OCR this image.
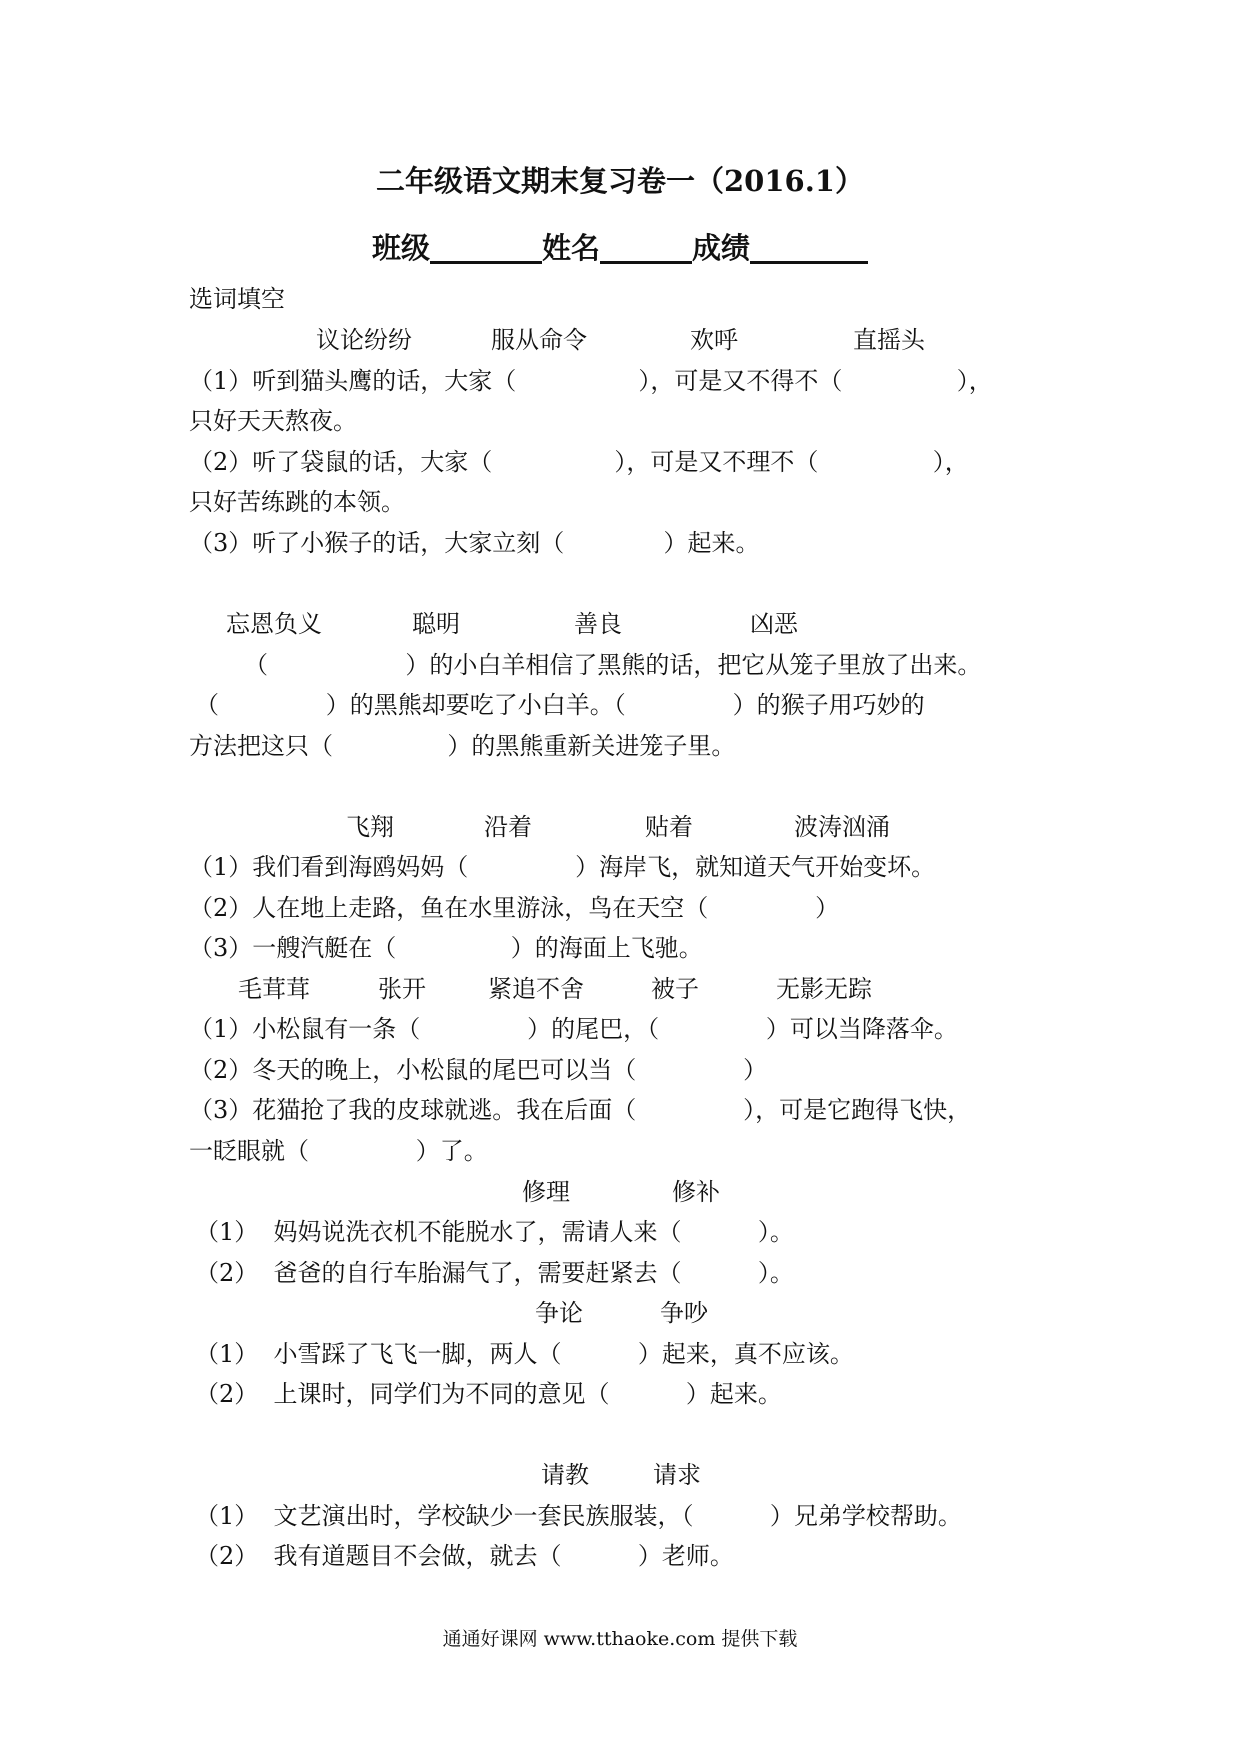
二年级语文期末复习卷一（2016.1）
班级	姓名	成绩
选词填空
议论纷纷	服从命令	欢呼	直摇头
（1）听到猫头鹰的话，大家（                ），可是又不得不（               ），
只好天天熬夜。
（2）听了袋鼠的话，大家（                ），可是又不理不（               ），
只好苦练跳的本领。
（3）听了小猴子的话，大家立刻（             ）起来。
忘恩负义	聪明	善良	凶恶
（                  ）的小白羊相信了黑熊的话，把它从笼子里放了出来。
（              ）的黑熊却要吃了小白羊。（              ）的猴子用巧妙的
方法把这只（               ）的黑熊重新关进笼子里。
飞翔	沿着	贴着	波涛汹涌
（1）我们看到海鸥妈妈（              ）海岸飞，就知道天气开始变坏。
（2）人在地上走路，鱼在水里游泳，鸟在天空（              ）
（3）一艘汽艇在（               ）的海面上飞驰。
毛茸茸	张开	紧追不舍	被子	无影无踪
（1）小松鼠有一条（              ）的尾巴，（              ）可以当降落伞。
（2）冬天的晚上，小松鼠的尾巴可以当（              ）
（3）花猫抢了我的皮球就逃。我在后面（              ），可是它跑得飞快，
一眨眼就（              ）了。
修理	修补
（1）  妈妈说洗衣机不能脱水了，需请人来（          ）。
（2）  爸爸的自行车胎漏气了，需要赶紧去（          ）。
争论	争吵
（1）  小雪踩了飞飞一脚，两人（          ）起来，真不应该。
（2）  上课时，同学们为不同的意见（          ）起来。
请教	请求
（1）  文艺演出时，学校缺少一套民族服装，（          ）兄弟学校帮助。
（2）  我有道题目不会做，就去（          ）老师。
通通好课网 www.tthaoke.com 提供下载
